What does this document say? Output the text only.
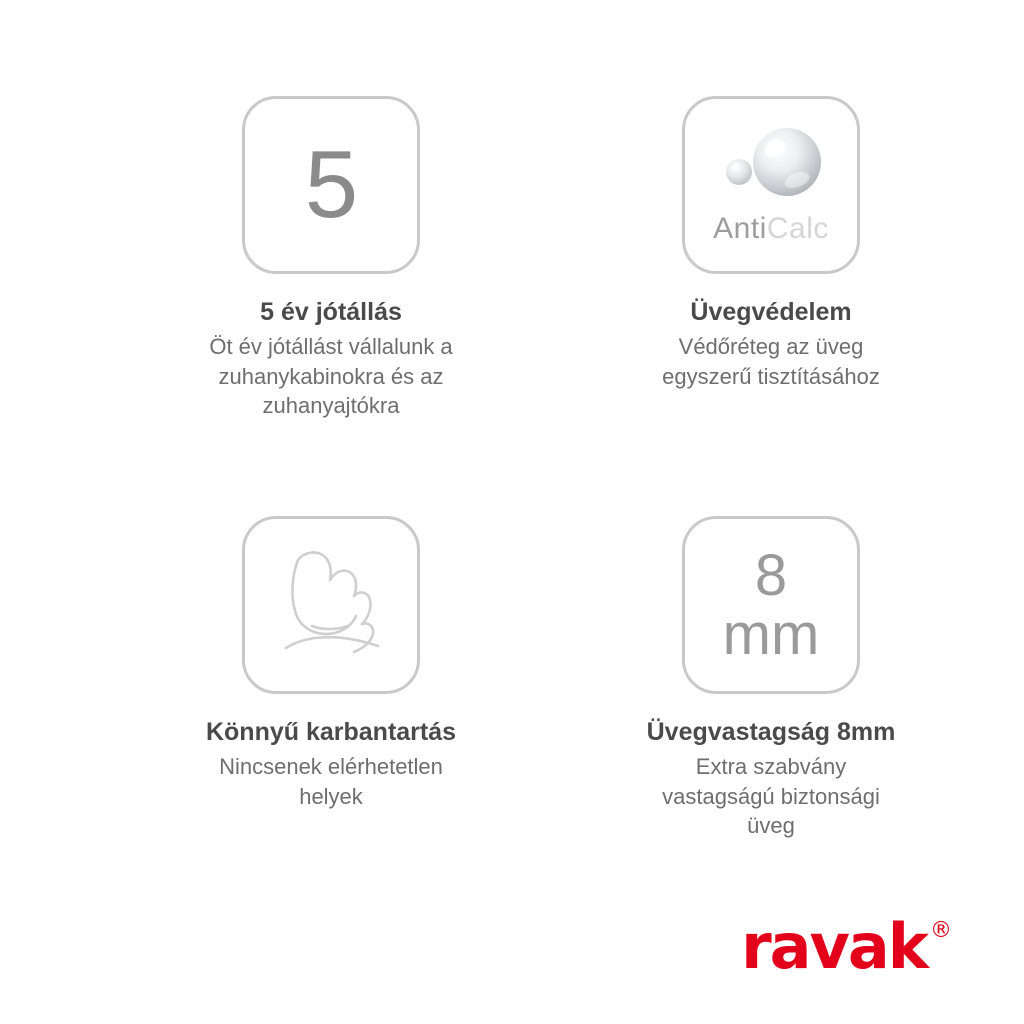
5
5 év jótállás
Öt év jótállást vállalunk a zuhanykabinokra és az zuhanyajtókra
AntiCalc
Üvegvédelem
Védőréteg az üveg egyszerű tisztításához
Könnyű karbantartás
Nincsenek elérhetetlen helyek
8
mm
Üvegvastagság 8mm
Extra szabvány vastagságú biztonsági üveg
ravak ®
